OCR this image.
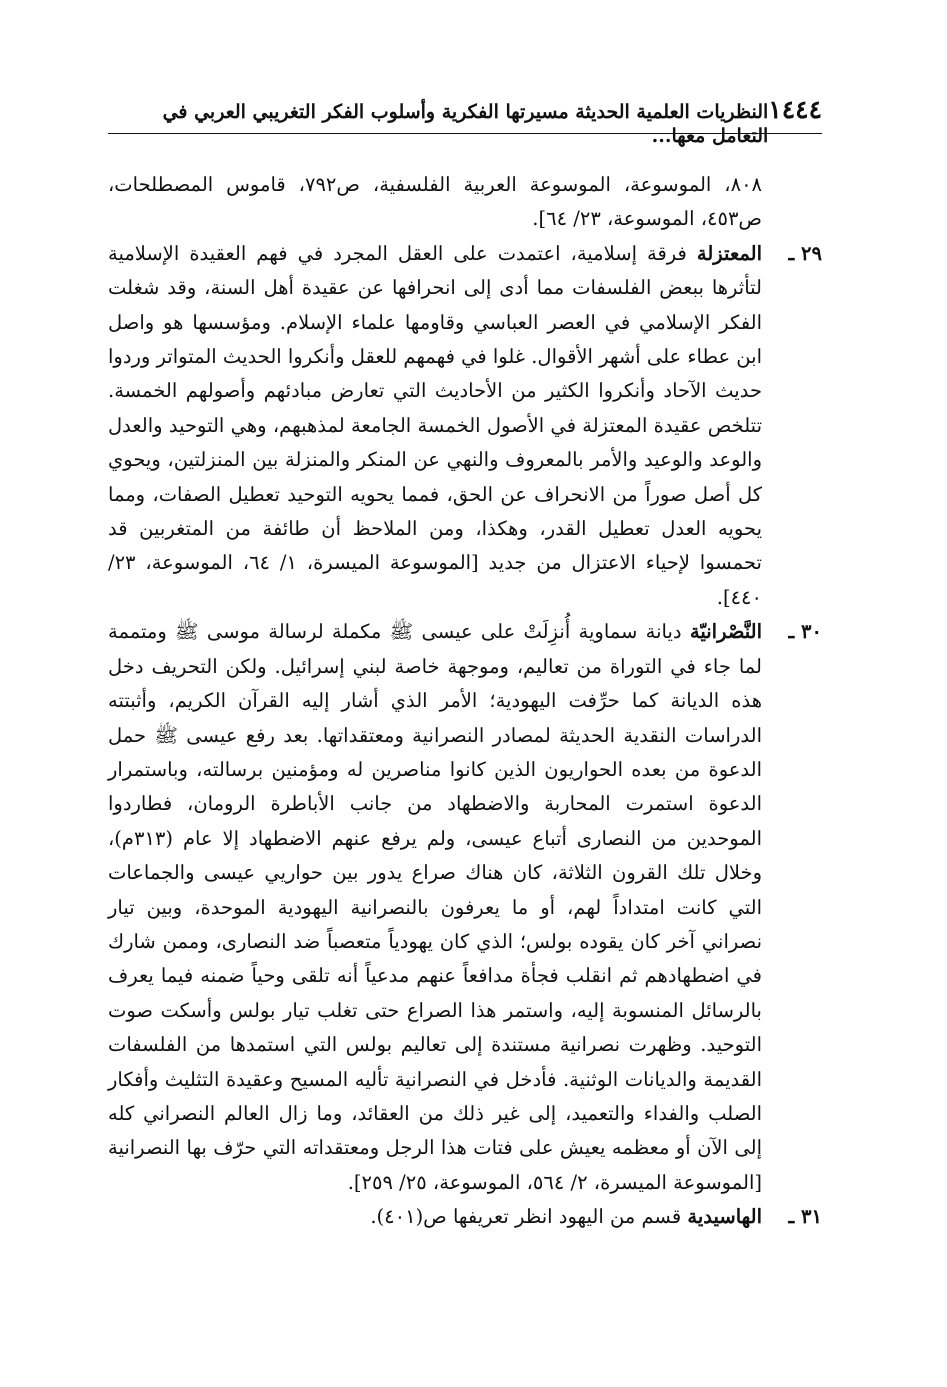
١٤٤٤
النظريات العلمية الحديثة مسيرتها الفكرية وأسلوب الفكر التغريبي العربي في التعامل معها...

٨٠٨، الموسوعة، الموسوعة العربية الفلسفية، ص٧٩٢، قاموس المصطلحات، ص٤٥٣، الموسوعة، ٢٣/ ٦٤].

٢٩ ـ
المعتزلة فرقة إسلامية، اعتمدت على العقل المجرد في فهم العقيدة الإسلامية لتأثرها ببعض الفلسفات مما أدى إلى انحرافها عن عقيدة أهل السنة، وقد شغلت الفكر الإسلامي في العصر العباسي وقاومها علماء الإسلام. ومؤسسها هو واصل ابن عطاء على أشهر الأقوال. غلوا في فهمهم للعقل وأنكروا الحديث المتواتر وردوا حديث الآحاد وأنكروا الكثير من الأحاديث التي تعارض مبادئهم وأصولهم الخمسة. تتلخص عقيدة المعتزلة في الأصول الخمسة الجامعة لمذهبهم، وهي التوحيد والعدل والوعد والوعيد والأمر بالمعروف والنهي عن المنكر والمنزلة بين المنزلتين، ويحوي كل أصل صوراً من الانحراف عن الحق، فمما يحويه التوحيد تعطيل الصفات، ومما يحويه العدل تعطيل القدر، وهكذا، ومن الملاحظ أن طائفة من المتغربين قد تحمسوا لإحياء الاعتزال من جديد [الموسوعة الميسرة، ١/ ٦٤، الموسوعة، ٢٣/ ٤٤٠].

٣٠ ـ
النَّصْرانيّة ديانة سماوية أُنزِلَتْ على عيسى ﷺ مكملة لرسالة موسى ﷺ ومتممة لما جاء في التوراة من تعاليم، وموجهة خاصة لبني إسرائيل. ولكن التحريف دخل هذه الديانة كما حرِّفت اليهودية؛ الأمر الذي أشار إليه القرآن الكريم، وأثبتته الدراسات النقدية الحديثة لمصادر النصرانية ومعتقداتها. بعد رفع عيسى ﷺ حمل الدعوة من بعده الحواريون الذين كانوا مناصرين له ومؤمنين برسالته، وباستمرار الدعوة استمرت المحاربة والاضطهاد من جانب الأباطرة الرومان، فطاردوا الموحدين من النصارى أتباع عيسى، ولم يرفع عنهم الاضطهاد إلا عام (٣١٣م)، وخلال تلك القرون الثلاثة، كان هناك صراع يدور بين حواريي عيسى والجماعات التي كانت امتداداً لهم، أو ما يعرفون بالنصرانية اليهودية الموحدة، وبين تيار نصراني آخر كان يقوده بولس؛ الذي كان يهودياً متعصباً ضد النصارى، وممن شارك في اضطهادهم ثم انقلب فجأة مدافعاً عنهم مدعياً أنه تلقى وحياً ضمنه فيما يعرف بالرسائل المنسوبة إليه، واستمر هذا الصراع حتى تغلب تيار بولس وأسكت صوت التوحيد. وظهرت نصرانية مستندة إلى تعاليم بولس التي استمدها من الفلسفات القديمة والديانات الوثنية. فأدخل في النصرانية تأليه المسيح وعقيدة التثليث وأفكار الصلب والفداء والتعميد، إلى غير ذلك من العقائد، وما زال العالم النصراني كله إلى الآن أو معظمه يعيش على فتات هذا الرجل ومعتقداته التي حرّف بها النصرانية [الموسوعة الميسرة، ٢/ ٥٦٤، الموسوعة، ٢٥/ ٢٥٩].

٣١ ـ
الهاسيدية قسم من اليهود انظر تعريفها ص(٤٠١).
